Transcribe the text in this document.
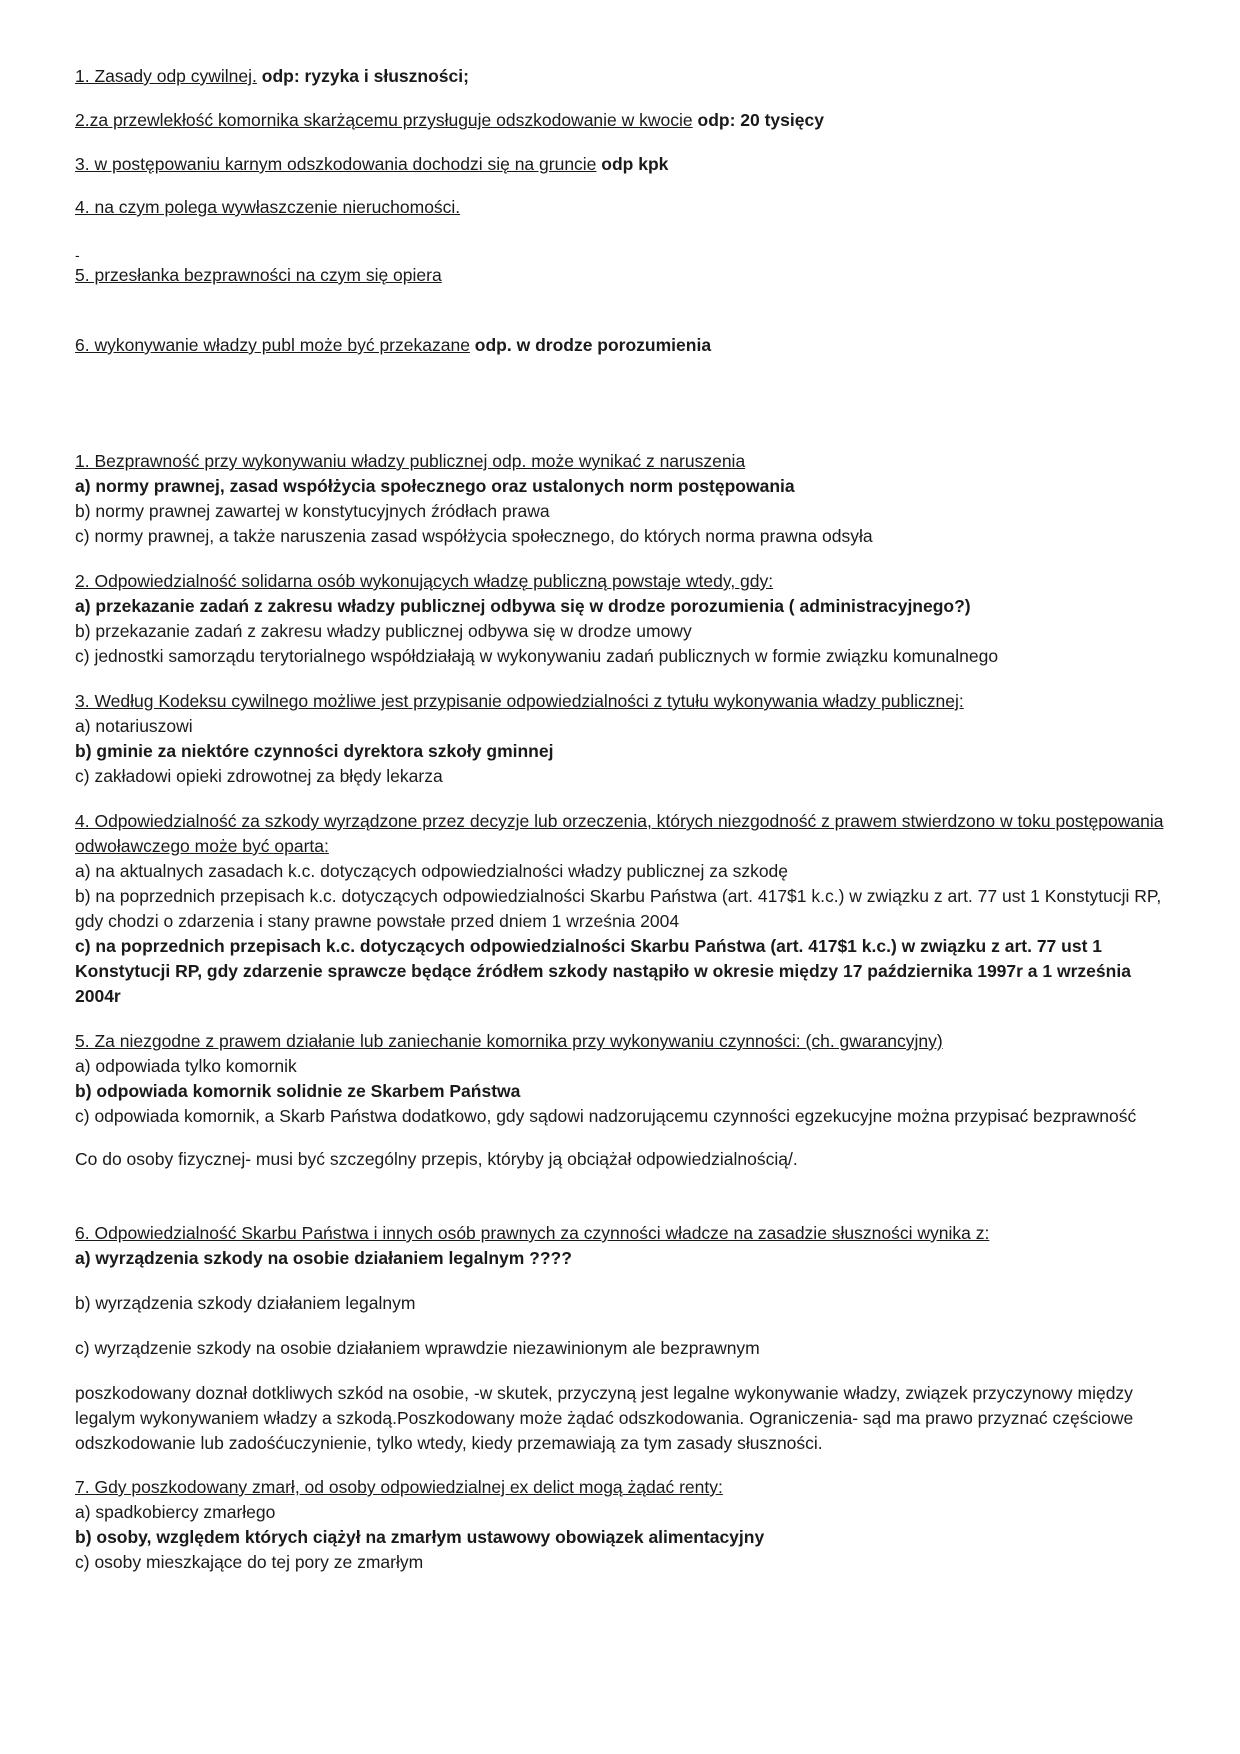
1. Zasady odp cywilnej. odp: ryzyka i słuszności;
2.za przewlekłość komornika skarżącemu przysługuje odszkodowanie w kwocie odp: 20 tysięcy
3. w postępowaniu karnym odszkodowania dochodzi się na gruncie odp kpk
4. na czym polega wywłaszczenie nieruchomości.
-
5. przesłanka bezprawności na czym się opiera
6. wykonywanie władzy publ może być przekazane odp. w drodze porozumienia
1. Bezprawność przy wykonywaniu władzy publicznej odp. może wynikać z naruszenia
a) normy prawnej, zasad współżycia społecznego oraz ustalonych norm postępowania
b) normy prawnej zawartej w konstytucyjnych źródłach prawa
c) normy prawnej, a także naruszenia zasad współżycia społecznego, do których norma prawna odsyła
2. Odpowiedzialność solidarna osób wykonujących władzę publiczną powstaje wtedy, gdy:
a) przekazanie zadań z zakresu władzy publicznej odbywa się w drodze porozumienia ( administracyjnego?)
b) przekazanie zadań z zakresu władzy publicznej odbywa się w drodze umowy
c) jednostki samorządu terytorialnego współdziałają w wykonywaniu zadań publicznych w formie związku komunalnego
3. Według Kodeksu cywilnego możliwe jest przypisanie odpowiedzialności z tytułu wykonywania władzy publicznej:
a) notariuszowi
b) gminie za niektóre czynności dyrektora szkoły gminnej
c) zakładowi opieki zdrowotnej za błędy lekarza
4. Odpowiedzialność za szkody wyrządzone przez decyzje lub orzeczenia, których niezgodność z prawem stwierdzono w toku postępowania odwoławczego może być oparta:
a) na aktualnych zasadach k.c. dotyczących odpowiedzialności władzy publicznej za szkodę
b) na poprzednich przepisach k.c. dotyczących odpowiedzialności Skarbu Państwa (art. 417$1 k.c.) w związku z art. 77 ust 1 Konstytucji RP, gdy chodzi o zdarzenia i stany prawne powstałe przed dniem 1 września 2004
c) na poprzednich przepisach k.c. dotyczących odpowiedzialności Skarbu Państwa (art. 417$1 k.c.) w związku z art. 77 ust 1 Konstytucji RP, gdy zdarzenie sprawcze będące źródłem szkody nastąpiło w okresie między 17 października 1997r a 1 września 2004r
5. Za niezgodne z prawem działanie lub zaniechanie komornika przy wykonywaniu czynności: (ch. gwarancyjny)
a) odpowiada tylko komornik
b) odpowiada komornik solidnie ze Skarbem Państwa
c) odpowiada komornik, a Skarb Państwa dodatkowo, gdy sądowi nadzorującemu czynności egzekucyjne można przypisać bezprawność
Co do osoby fizycznej- musi być szczególny przepis, któryby ją obciążał odpowiedzialnością/.
6. Odpowiedzialność Skarbu Państwa i innych osób prawnych za czynności władcze na zasadzie słuszności wynika z:
a) wyrządzenia szkody na osobie działaniem legalnym ????
b) wyrządzenia szkody działaniem legalnym
c) wyrządzenie szkody na osobie działaniem wprawdzie niezawinionym ale bezprawnym
poszkodowany doznał dotkliwych szkód na osobie, -w skutek, przyczyną jest legalne wykonywanie władzy, związek przyczynowy między legalym wykonywaniem władzy a szkodą.Poszkodowany może żądać odszkodowania. Ograniczenia- sąd ma prawo przyznać częściowe odszkodowanie lub zadośćuczynienie, tylko wtedy, kiedy przemawiają za tym zasady słuszności.
7. Gdy poszkodowany zmarł, od osoby odpowiedzialnej ex delict mogą żądać renty:
a) spadkobiercy zmarłego
b) osoby, względem których ciążył na zmarłym ustawowy obowiązek alimentacyjny
c) osoby mieszkające do tej pory ze zmarłym
